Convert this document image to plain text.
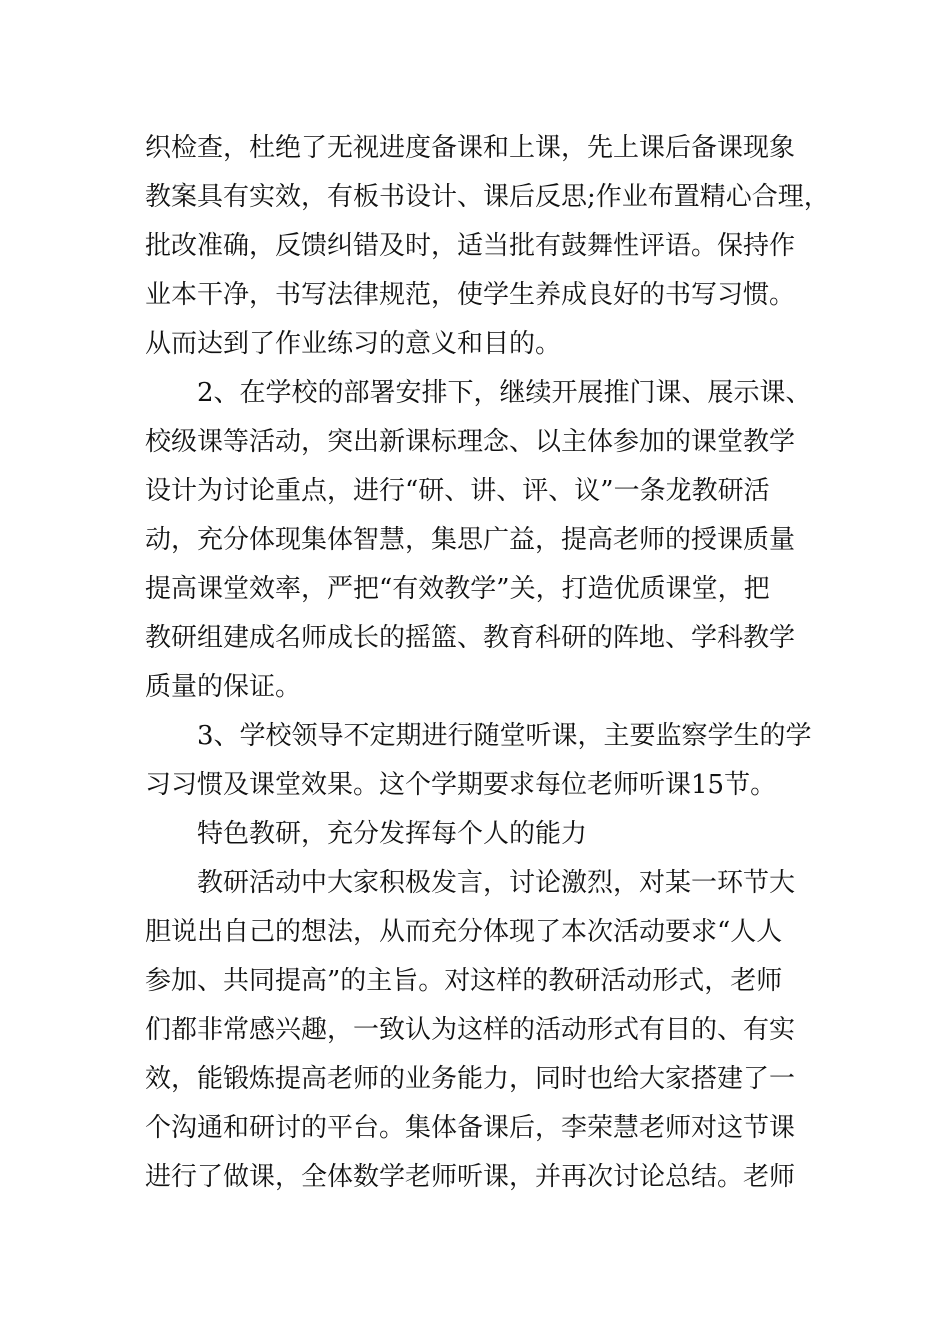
织检查，杜绝了无视进度备课和上课，先上课后备课现象
教案具有实效，有板书设计、课后反思;作业布置精心合理，
批改准确，反馈纠错及时，适当批有鼓舞性评语。保持作
业本干净，书写法律规范，使学生养成良好的书写习惯。
从而达到了作业练习的意义和目的。
2、在学校的部署安排下，继续开展推门课、展示课、
校级课等活动，突出新课标理念、以主体参加的课堂教学
设计为讨论重点，进行“研、讲、评、议”一条龙教研活
动，充分体现集体智慧，集思广益，提高老师的授课质量
提高课堂效率，严把“有效教学”关，打造优质课堂，把
教研组建成名师成长的摇篮、教育科研的阵地、学科教学
质量的保证。
3、学校领导不定期进行随堂听课，主要监察学生的学
习习惯及课堂效果。这个学期要求每位老师听课15节。
特色教研，充分发挥每个人的能力
教研活动中大家积极发言，讨论激烈，对某一环节大
胆说出自己的想法，从而充分体现了本次活动要求“人人
参加、共同提高”的主旨。对这样的教研活动形式，老师
们都非常感兴趣，一致认为这样的活动形式有目的、有实
效，能锻炼提高老师的业务能力，同时也给大家搭建了一
个沟通和研讨的平台。集体备课后，李荣慧老师对这节课
进行了做课，全体数学老师听课，并再次讨论总结。老师
